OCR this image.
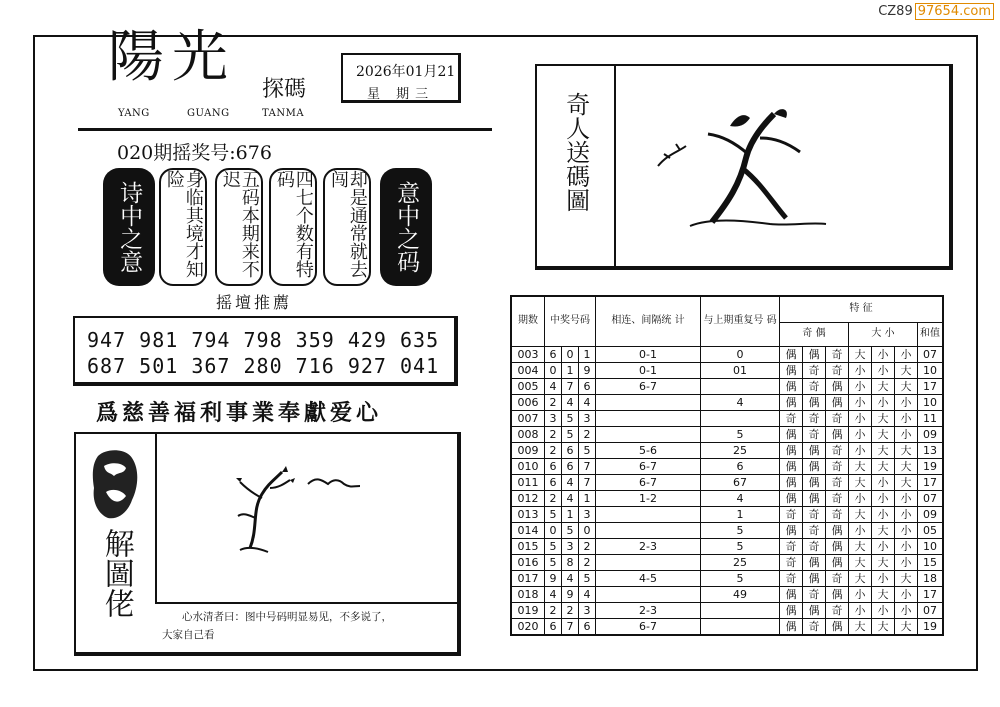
CZ89 97654.com
陽光 探碼
YANG	GUANG	TANMA
2026年01月21
星 期三
020期摇奖号:676
诗中之意	身临其境才知险	五码本期来不迟	四七个数有特码	却是通常就去闯
意中之码
摇壇推薦
947 981 794 798 359 429 635
687 501 367 280 716 927 041
爲慈善福利事業奉獻爱心
解圖佬	心水清者曰：图中号码明显易见，不多说了，
大家自己看
奇人送碼圖
期数	中奖号码			相连、间隔统 计	与上期重复号 码	特 征						
						奇 偶			大 小			和值
003	6	0	1	0-1	0	偶	偶	奇	大	小	小	07
004	0	1	9	0-1	01	偶	奇	奇	小	小	大	10
005	4	7	6	6-7		偶	奇	偶	小	大	大	17
006	2	4	4		4	偶	偶	偶	小	小	小	10
007	3	5	3			奇	奇	奇	小	大	小	11
008	2	5	2		5	偶	奇	偶	小	大	小	09
009	2	6	5	5-6	25	偶	偶	奇	小	大	大	13
010	6	6	7	6-7	6	偶	偶	奇	大	大	大	19
011	6	4	7	6-7	67	偶	偶	奇	大	小	大	17
012	2	4	1	1-2	4	偶	偶	奇	小	小	小	07
013	5	1	3		1	奇	奇	奇	大	小	小	09
014	0	5	0		5	偶	奇	偶	小	大	小	05
015	5	3	2	2-3	5	奇	奇	偶	大	小	小	10
016	5	8	2		25	奇	偶	偶	大	大	小	15
017	9	4	5	4-5	5	奇	偶	奇	大	小	大	18
018	4	9	4		49	偶	奇	偶	小	大	小	17
019	2	2	3	2-3		偶	偶	奇	小	小	小	07
020	6	7	6	6-7		偶	奇	偶	大	大	大	19
